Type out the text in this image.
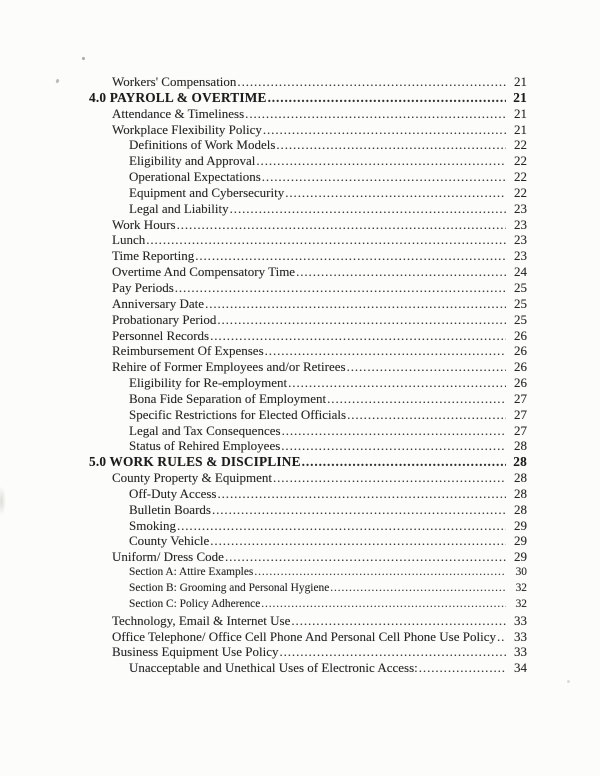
Workers' Compensation .....	21
4.0 PAYROLL & OVERTIME .....	21
Attendance & Timeliness .....	21
Workplace Flexibility Policy .....	21
Definitions of Work Models .....	22
Eligibility and Approval .....	22
Operational Expectations .....	22
Equipment and Cybersecurity .....	22
Legal and Liability .....	23
Work Hours .....	23
Lunch .....	23
Time Reporting .....	23
Overtime And Compensatory Time .....	24
Pay Periods .....	25
Anniversary Date .....	25
Probationary Period .....	25
Personnel Records .....	26
Reimbursement Of Expenses .....	26
Rehire of Former Employees and/or Retirees .....	26
Eligibility for Re-employment .....	26
Bona Fide Separation of Employment .....	27
Specific Restrictions for Elected Officials .....	27
Legal and Tax Consequences .....	27
Status of Rehired Employees .....	28
5.0 WORK RULES & DISCIPLINE .....	28
County Property & Equipment .....	28
Off-Duty Access .....	28
Bulletin Boards .....	28
Smoking .....	29
County Vehicle .....	29
Uniform/ Dress Code .....	29
Section A: Attire Examples .....	30
Section B: Grooming and Personal Hygiene .....	32
Section C: Policy Adherence .....	32
Technology, Email & Internet Use .....	33
Office Telephone/ Office Cell Phone And Personal Cell Phone Use Policy .....	33
Business Equipment Use Policy .....	33
Unacceptable and Unethical Uses of Electronic Access: .....	34
